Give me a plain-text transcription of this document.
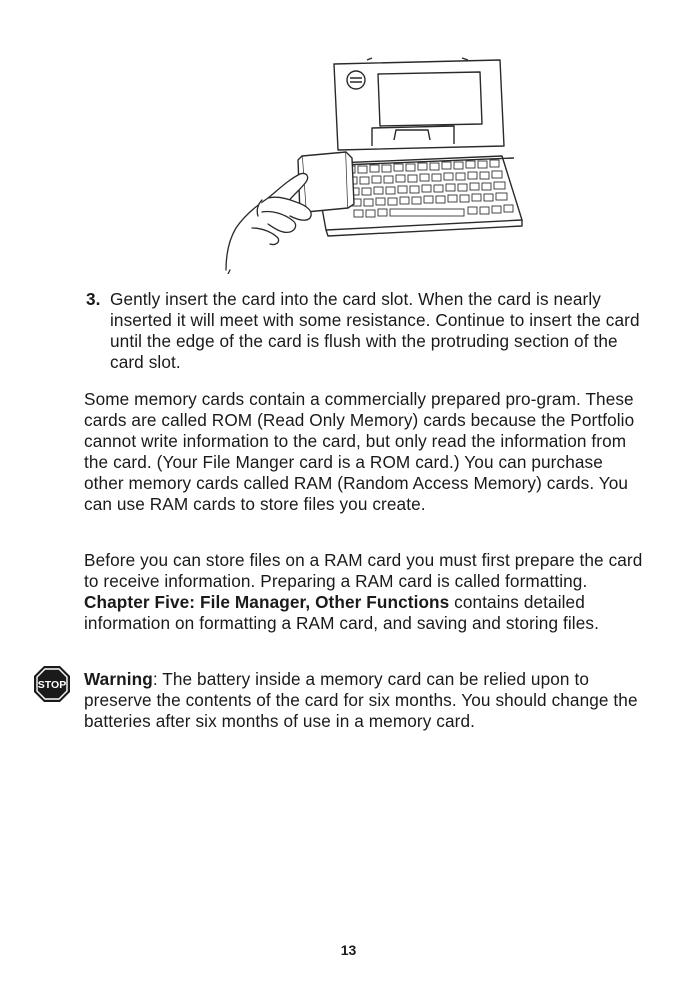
3. Gently insert the card into the card slot. When the card is nearly inserted it will meet with some resistance. Continue to insert the card until the edge of the card is flush with the protruding section of the card slot.

Some memory cards contain a commercially prepared pro-gram. These cards are called ROM (Read Only Memory) cards because the Portfolio cannot write information to the card, but only read the information from the card. (Your File Manger card is a ROM card.) You can purchase other memory cards called RAM (Random Access Memory) cards. You can use RAM cards to store files you create.

Before you can store files on a RAM card you must first prepare the card to receive information. Preparing a RAM card is called formatting. Chapter Five: File Manager, Other Functions contains detailed information on formatting a RAM card, and saving and storing files.

STOP Warning: The battery inside a memory card can be relied upon to preserve the contents of the card for six months. You should change the batteries after six months of use in a memory card.

13
